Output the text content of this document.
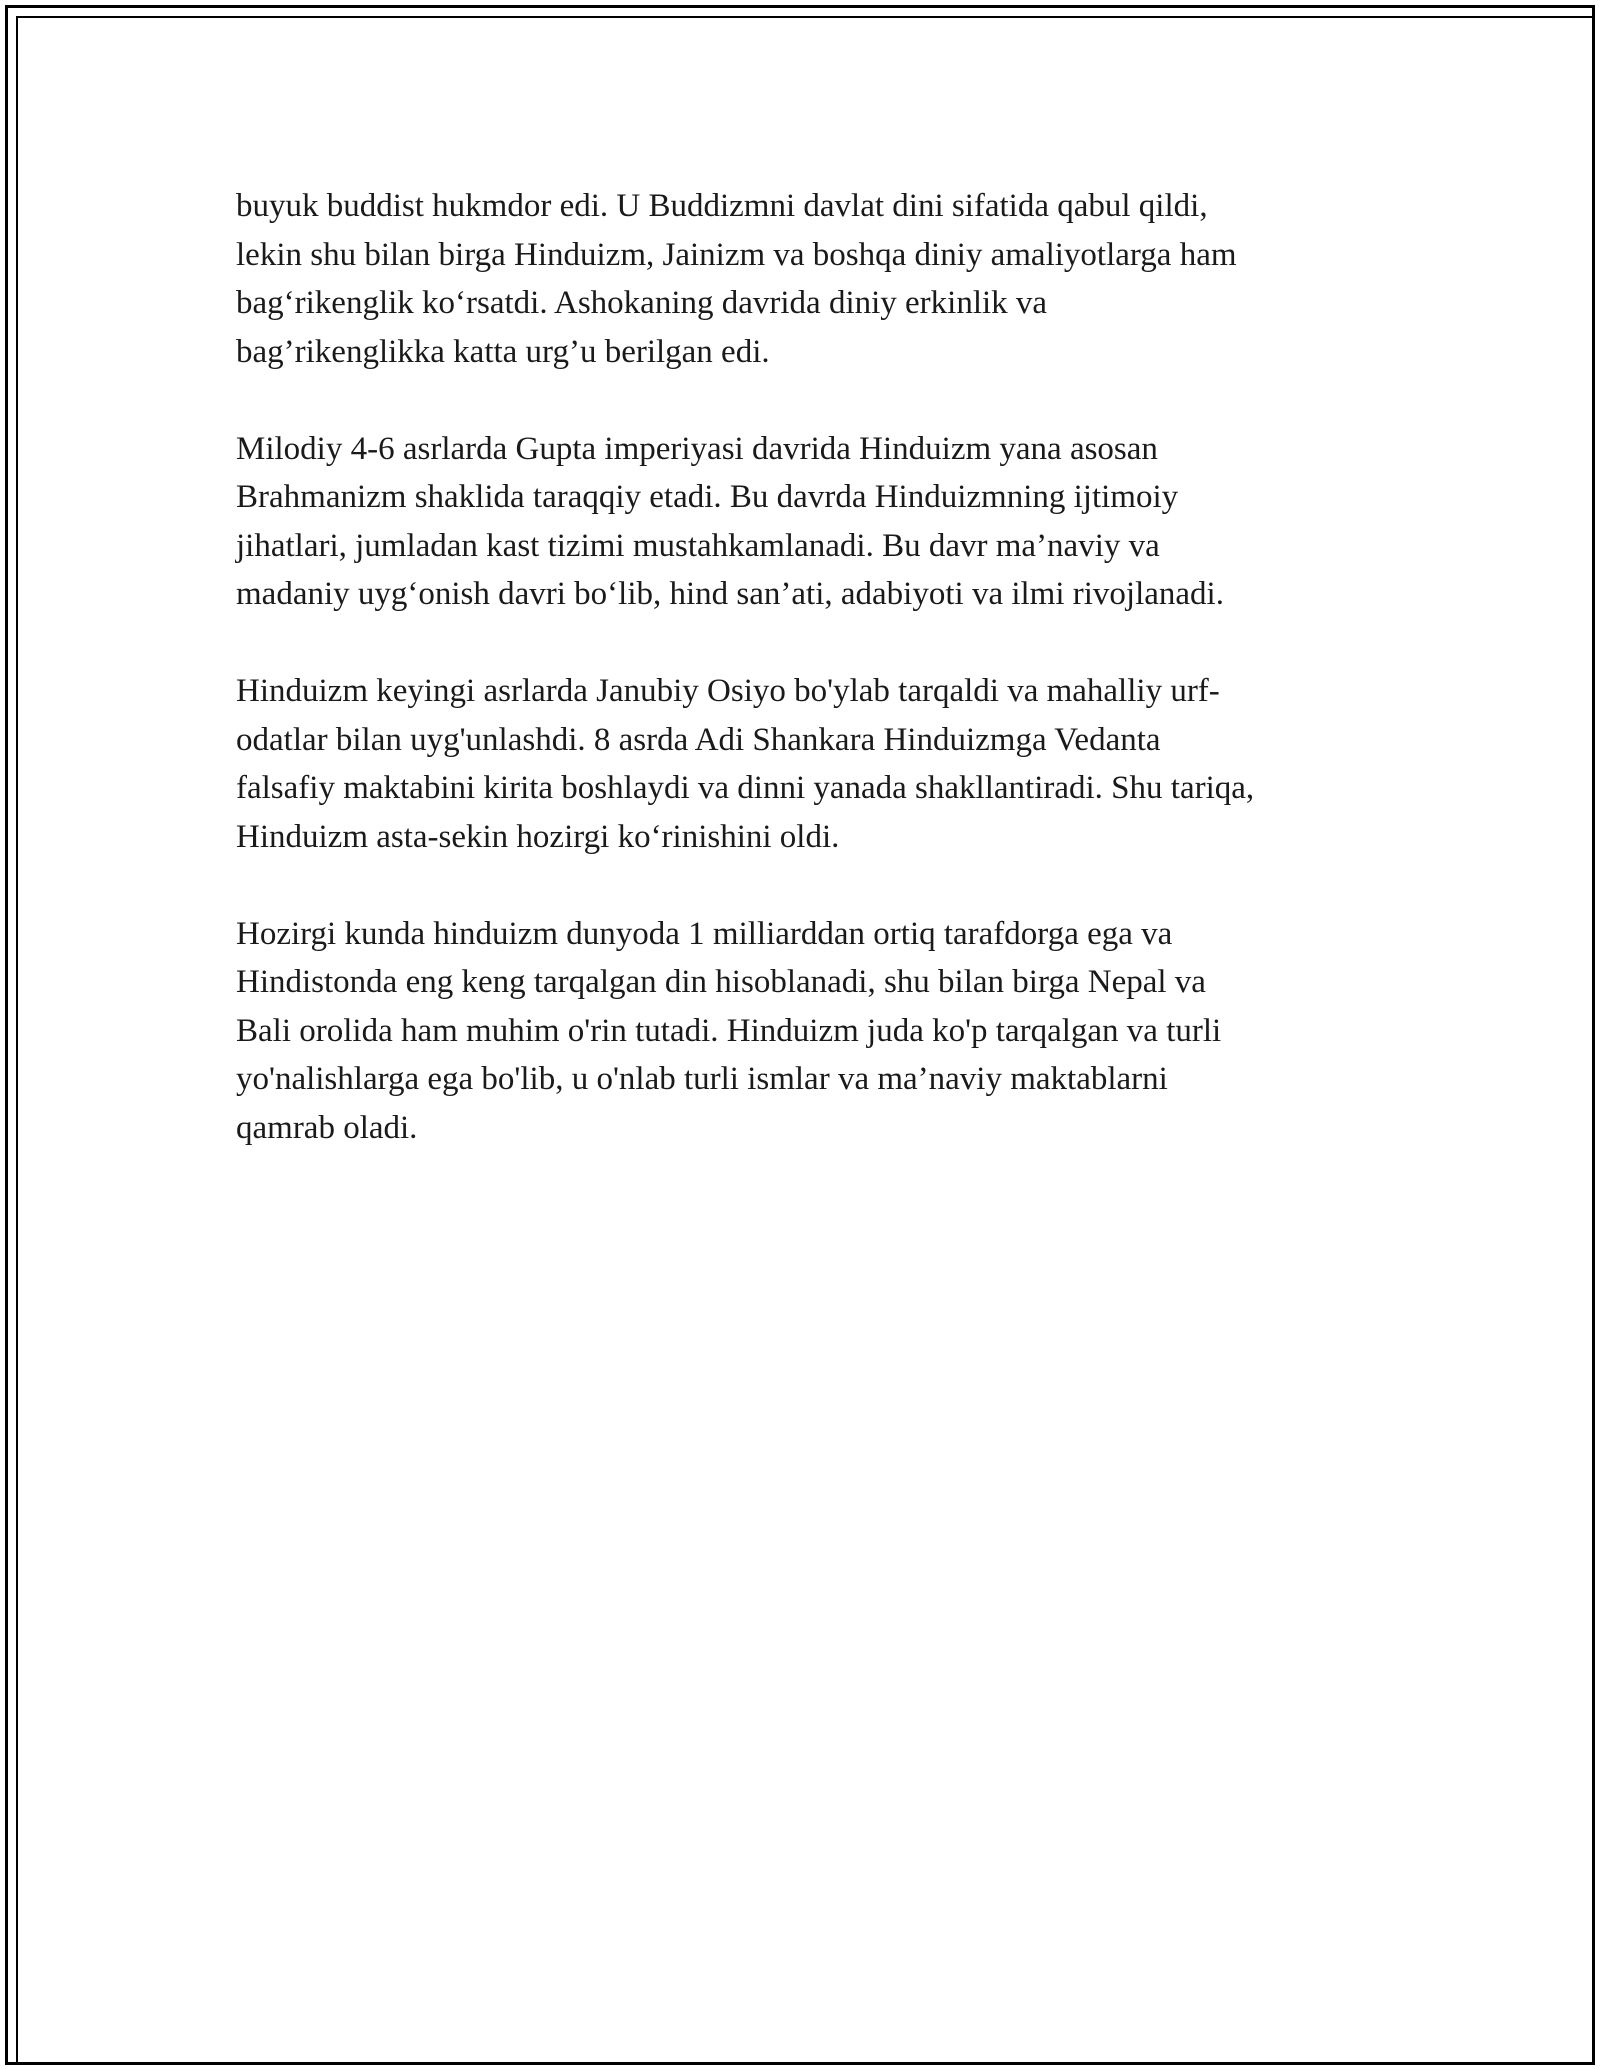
buyuk buddist hukmdor edi. U Buddizmni davlat dini sifatida qabul qildi,
lekin shu bilan birga Hinduizm, Jainizm va boshqa diniy amaliyotlarga ham
bag‘rikenglik ko‘rsatdi. Ashokaning davrida diniy erkinlik va
bag’rikenglikka katta urg’u berilgan edi.

Milodiy 4-6 asrlarda Gupta imperiyasi davrida Hinduizm yana asosan
Brahmanizm shaklida taraqqiy etadi. Bu davrda Hinduizmning ijtimoiy
jihatlari, jumladan kast tizimi mustahkamlanadi. Bu davr ma’naviy va
madaniy uyg‘onish davri bo‘lib, hind san’ati, adabiyoti va ilmi rivojlanadi.

Hinduizm keyingi asrlarda Janubiy Osiyo bo'ylab tarqaldi va mahalliy urf-
odatlar bilan uyg'unlashdi. 8 asrda Adi Shankara Hinduizmga Vedanta
falsafiy maktabini kirita boshlaydi va dinni yanada shakllantiradi. Shu tariqa,
Hinduizm asta-sekin hozirgi ko‘rinishini oldi.

Hozirgi kunda hinduizm dunyoda 1 milliarddan ortiq tarafdorga ega va
Hindistonda eng keng tarqalgan din hisoblanadi, shu bilan birga Nepal va
Bali orolida ham muhim o'rin tutadi. Hinduizm juda ko'p tarqalgan va turli
yo'nalishlarga ega bo'lib, u o'nlab turli ismlar va ma’naviy maktablarni
qamrab oladi.
